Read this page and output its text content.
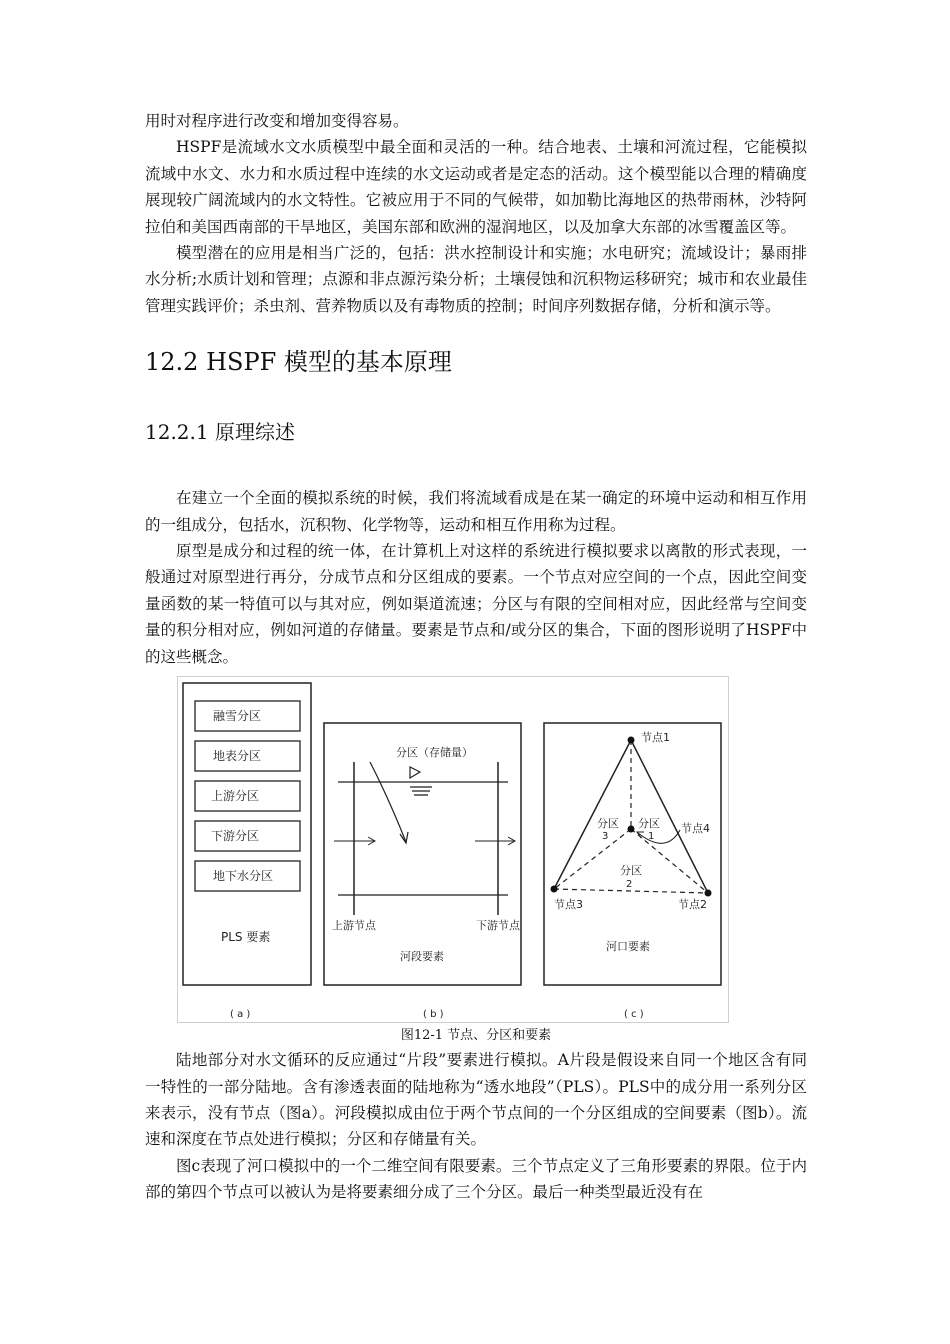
用时对程序进行改变和增加变得容易。

HSPF是流域水文水质模型中最全面和灵活的一种。结合地表、土壤和河流过程，它能模拟流域中水文、水力和水质过程中连续的水文运动或者是定态的活动。这个模型能以合理的精确度展现较广阔流域内的水文特性。它被应用于不同的气候带，如加勒比海地区的热带雨林，沙特阿拉伯和美国西南部的干旱地区，美国东部和欧洲的湿润地区，以及加拿大东部的冰雪覆盖区等。

模型潜在的应用是相当广泛的，包括：洪水控制设计和实施；水电研究；流域设计；暴雨排水分析;水质计划和管理；点源和非点源污染分析；土壤侵蚀和沉积物运移研究；城市和农业最佳管理实践评价；杀虫剂、营养物质以及有毒物质的控制；时间序列数据存储，分析和演示等。

12.2 HSPF 模型的基本原理
12.2.1 原理综述

在建立一个全面的模拟系统的时候，我们将流域看成是在某一确定的环境中运动和相互作用的一组成分，包括水，沉积物、化学物等，运动和相互作用称为过程。

原型是成分和过程的统一体，在计算机上对这样的系统进行模拟要求以离散的形式表现，一般通过对原型进行再分，分成节点和分区组成的要素。一个节点对应空间的一个点，因此空间变量函数的某一特值可以与其对应，例如渠道流速；分区与有限的空间相对应，因此经常与空间变量的积分相对应，例如河道的存储量。要素是节点和/或分区的集合，下面的图形说明了HSPF中的这些概念。

融雪分区
地表分区
上游分区
下游分区
地下水分区
PLS 要素
( a )
分区（存储量）
上游节点	下游节点
河段要素
( b )
节点1
节点2
节点3
节点4
分区
1
分区
2
分区
3
河口要素
( c )
图12-1 节点、分区和要素

陆地部分对水文循环的反应通过“片段”要素进行模拟。A片段是假设来自同一个地区含有同一特性的一部分陆地。含有渗透表面的陆地称为“透水地段”（PLS）。PLS中的成分用一系列分区来表示，没有节点（图a）。河段模拟成由位于两个节点间的一个分区组成的空间要素（图b）。流速和深度在节点处进行模拟；分区和存储量有关。

图c表现了河口模拟中的一个二维空间有限要素。三个节点定义了三角形要素的界限。位于内部的第四个节点可以被认为是将要素细分成了三个分区。最后一种类型最近没有在
